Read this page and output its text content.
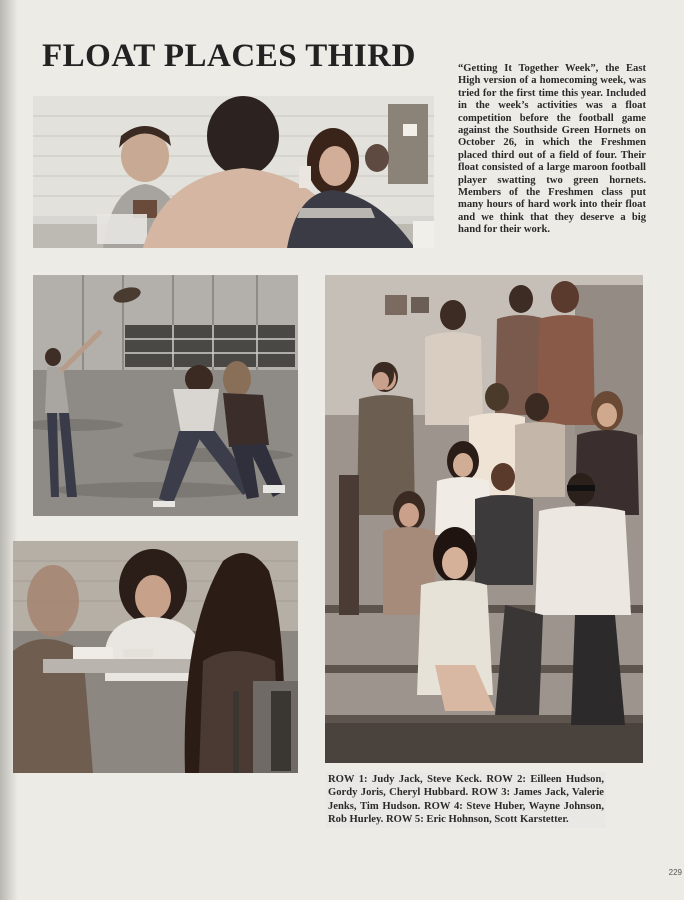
FLOAT PLACES THIRD	“Getting It Together Week”, the East High version of a homecoming week, was tried for the first time this year. Included in the week’s activities was a float competition before the football game against the Southside Green Hornets on October 26, in which the Freshmen placed third out of a field of four. Their float consisted of a large maroon football player swatting two green hornets. Members of the Freshmen class put many hours of hard work into their float and we think that they deserve a big hand for their work.

ROW 1: Judy Jack, Steve Keck. ROW 2: Eilleen Hudson, Gordy Joris, Cheryl Hubbard. ROW 3: James Jack, Valerie Jenks, Tim Hudson. ROW 4: Steve Huber, Wayne Johnson, Rob Hurley. ROW 5: Eric Hohnson, Scott Karstetter.

229
